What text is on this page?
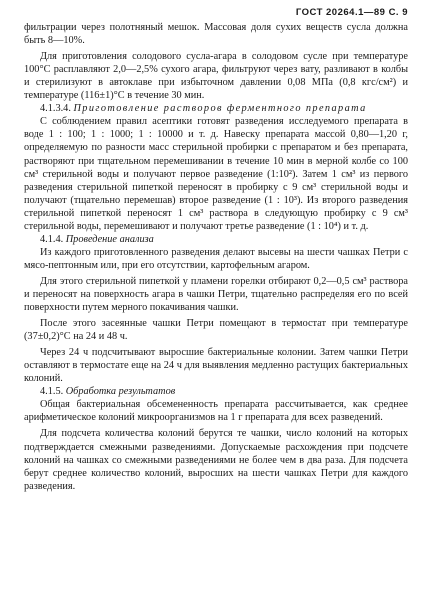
ГОСТ 20264.1—89 С. 9

фильтрации через полотняный мешок. Массовая доля сухих веществ сусла должна быть 8—10%.

Для приготовления солодового сусла-агара в солодовом сусле при температуре 100°С расплавляют 2,0—2,5% сухого агара, фильтруют через вату, разливают в колбы и стерилизуют в автоклаве при избыточном давлении 0,08 МПа (0,8 кгс/см²) и температуре (116±1)°С в течение 30 мин.

4.1.3.4. Приготовление растворов ферментного препарата

С соблюдением правил асептики готовят разведения исследуемого препарата в воде 1 : 100; 1 : 1000; 1 : 10000 и т. д. Навеску препарата массой 0,80—1,20 г, определяемую по разности масс стерильной пробирки с препаратом и без препарата, растворяют при тщательном перемешивании в течение 10 мин в мерной колбе со 100 см³ стерильной воды и получают первое разведение (1:10²). Затем 1 см³ из первого разведения стерильной пипеткой переносят в пробирку с 9 см³ стерильной воды и получают (тщательно перемешав) второе разведение (1 : 10³). Из второго разведения стерильной пипеткой переносят 1 см³ раствора в следующую пробирку с 9 см³ стерильной воды, перемешивают и получают третье разведение (1 : 10⁴) и т. д.

4.1.4. Проведение анализа

Из каждого приготовленного разведения делают высевы на шести чашках Петри с мясо-пептонным или, при его отсутствии, картофельным агаром.

Для этого стерильной пипеткой у пламени горелки отбирают 0,2—0,5 см³ раствора и переносят на поверхность агара в чашки Петри, тщательно распределяя его по всей поверхности путем мерного покачивания чашки.

После этого засеянные чашки Петри помещают в термостат при температуре (37±0,2)°С на 24 и 48 ч.

Через 24 ч подсчитывают выросшие бактериальные колонии. Затем чашки Петри оставляют в термостате еще на 24 ч для выявления медленно растущих бактериальных колоний.

4.1.5. Обработка результатов

Общая бактериальная обсемененность препарата рассчитывается, как среднее арифметическое колоний микроорганизмов на 1 г препарата для всех разведений.

Для подсчета количества колоний берутся те чашки, число колоний на которых подтверждается смежными разведениями. Допускаемые расхождения при подсчете колоний на чашках со смежными разведениями не более чем в два раза. Для подсчета берут среднее количество колоний, выросших на шести чашках Петри для каждого разведения.
